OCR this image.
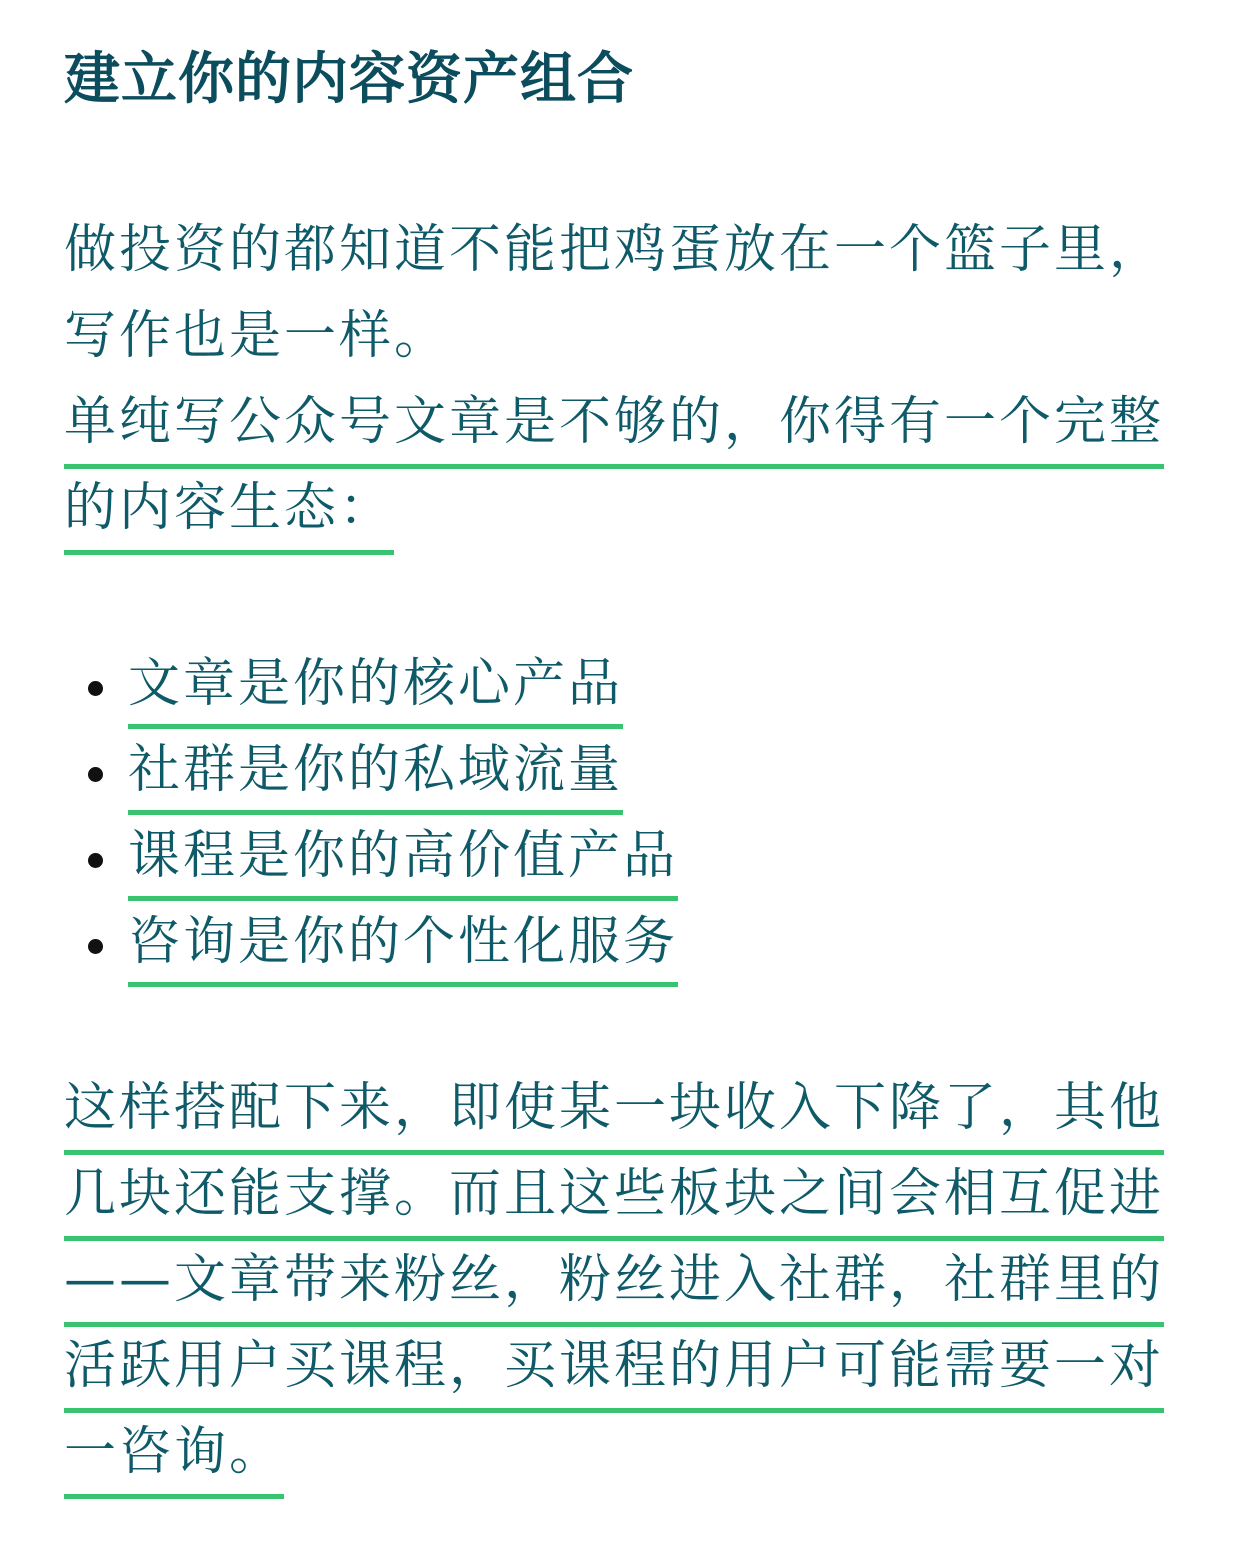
建立你的内容资产组合

做投资的都知道不能把鸡蛋放在一个篮子里，

写作也是一样。

单纯写公众号文章是不够的，你得有一个完整

的内容生态：

文章是你的核心产品
社群是你的私域流量
课程是你的高价值产品
咨询是你的个性化服务

这样搭配下来，即使某一块收入下降了，其他

几块还能支撑。而且这些板块之间会相互促进

——文章带来粉丝，粉丝进入社群，社群里的

活跃用户买课程，买课程的用户可能需要一对

一咨询。
